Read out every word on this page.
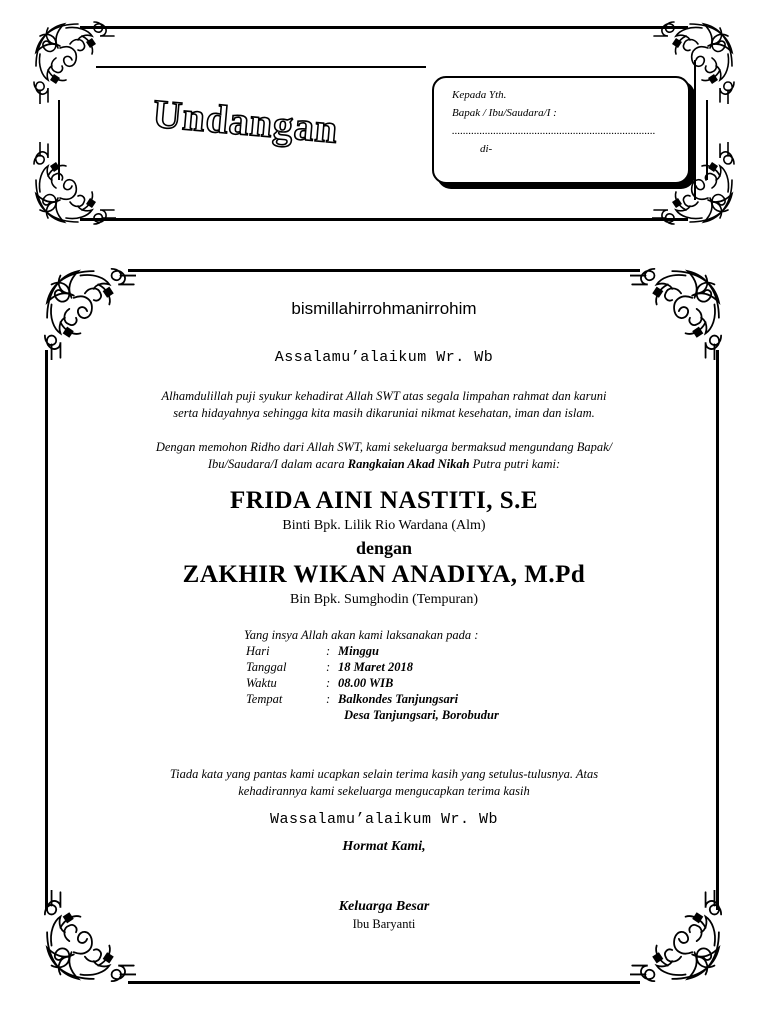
Undangan	Kepada Yth.
Bapak / Ibu/Saudara/I :
..........................................................................
di-
bismillahirrohmanirrohim
Assalamu’alaikum Wr. Wb
Alhamdulillah puji syukur kehadirat Allah SWT atas segala limpahan rahmat dan karuni
serta hidayahnya sehingga kita masih dikaruniai nikmat kesehatan, iman dan islam.
Dengan memohon Ridho dari Allah SWT, kami sekeluarga bermaksud mengundang Bapak/
Ibu/Saudara/I dalam acara Rangkaian Akad Nikah Putra putri kami:
FRIDA AINI NASTITI, S.E
Binti Bpk. Lilik Rio Wardana (Alm)
dengan
ZAKHIR WIKAN ANADIYA, M.Pd
Bin Bpk. Sumghodin (Tempuran)
Yang insya Allah akan kami laksanakan pada :
Hari	: Minggu
Tanggal	: 18 Maret 2018
Waktu	: 08.00 WIB
Tempat	: Balkondes Tanjungsari
Desa Tanjungsari, Borobudur
Tiada kata yang pantas kami ucapkan selain terima kasih yang setulus-tulusnya. Atas
kehadirannya kami sekeluarga mengucapkan terima kasih
Wassalamu’alaikum Wr. Wb
Hormat Kami,
Keluarga Besar
Ibu Baryanti
